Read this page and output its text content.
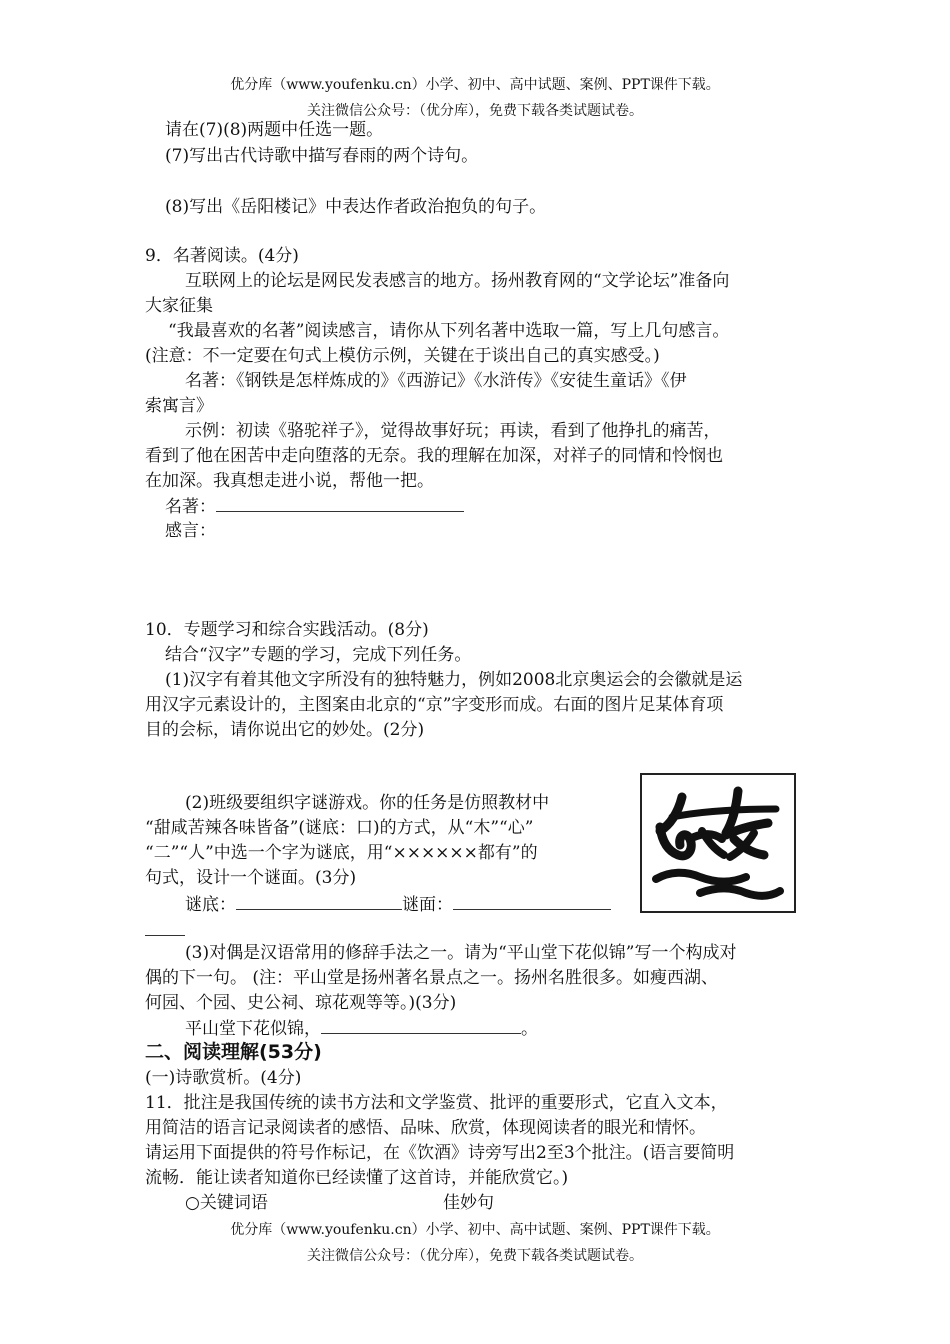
优分库（www.youfenku.cn）小学、初中、高中试题、案例、PPT课件下载。
关注微信公众号：（优分库），免费下载各类试题试卷。
请在(7)(8)两题中任选一题。
(7)写出古代诗歌中描写春雨的两个诗句。
(8)写出《岳阳楼记》中表达作者政治抱负的句子。
9．名著阅读。(4分)
互联网上的论坛是网民发表感言的地方。扬州教育网的“文学论坛”准备向
大家征集
“我最喜欢的名著”阅读感言，请你从下列名著中选取一篇，写上几句感言。
(注意：不一定要在句式上模仿示例，关键在于谈出自己的真实感受。)
名著：《钢铁是怎样炼成的》《西游记》《水浒传》《安徒生童话》《伊
索寓言》
示例：初读《骆驼祥子》，觉得故事好玩；再读，看到了他挣扎的痛苦，
看到了他在困苦中走向堕落的无奈。我的理解在加深，对祥子的同情和怜悯也
在加深。我真想走进小说，帮他一把。
名著：
感言：
10．专题学习和综合实践活动。(8分)
结合“汉字”专题的学习，完成下列任务。
(1)汉字有着其他文字所没有的独特魅力，例如2008北京奥运会的会徽就是运
用汉字元素设计的，主图案由北京的“京”字变形而成。右面的图片足某体育项
目的会标，请你说出它的妙处。(2分)
(2)班级要组织字谜游戏。你的任务是仿照教材中
“甜咸苦辣各味皆备”(谜底：口)的方式，从“木”“心”
“二”“人”中选一个字为谜底，用“××××××都有”的
句式，设计一个谜面。(3分)
谜底：	谜面：
(3)对偶是汉语常用的修辞手法之一。请为“平山堂下花似锦”写一个构成对
偶的下一句。 (注：平山堂是扬州著名景点之一。扬州名胜很多。如瘦西湖、
何园、个园、史公祠、琼花观等等。)(3分)
平山堂下花似锦，	。
二、阅读理解(53分)
(一)诗歌赏析。(4分)
11．批注是我国传统的读书方法和文学鉴赏、批评的重要形式，它直入文本，
用简洁的语言记录阅读者的感悟、品味、欣赏，体现阅读者的眼光和情怀。
请运用下面提供的符号作标记，在《饮酒》诗旁写出2至3个批注。(语言要简明
流畅．能让读者知道你已经读懂了这首诗，并能欣赏它。)
○关键词语	佳妙句
优分库（www.youfenku.cn）小学、初中、高中试题、案例、PPT课件下载。
关注微信公众号：（优分库），免费下载各类试题试卷。
